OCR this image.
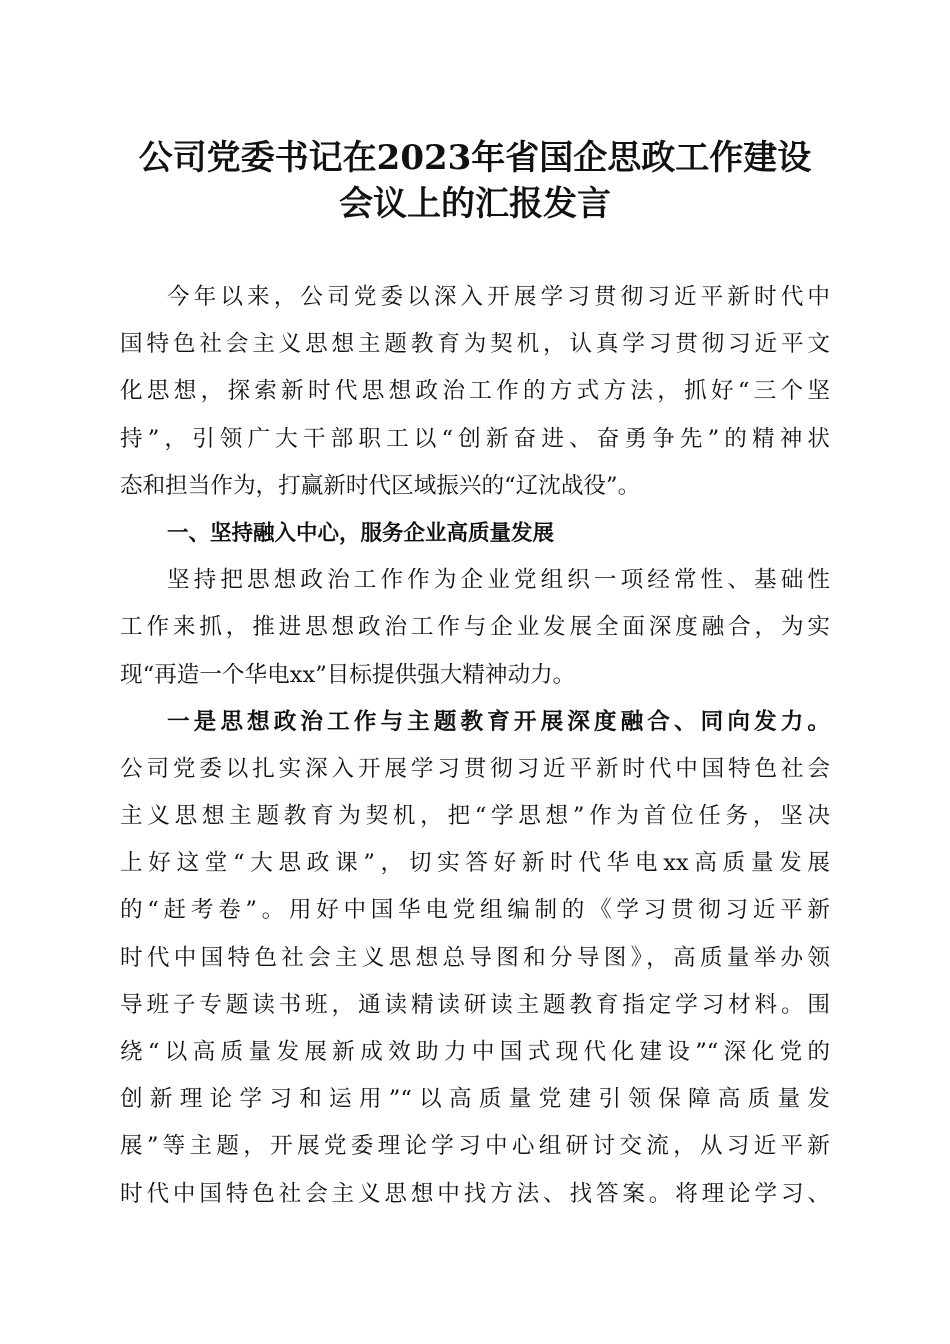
公司党委书记在2023年省国企思政工作建设
会议上的汇报发言
今年以来，公司党委以深入开展学习贯彻习近平新时代中
国特色社会主义思想主题教育为契机，认真学习贯彻习近平文
化思想，探索新时代思想政治工作的方式方法，抓好“三个坚
持”，引领广大干部职工以“创新奋进、奋勇争先”的精神状
态和担当作为，打赢新时代区域振兴的“辽沈战役”。
一、坚持融入中心，服务企业高质量发展
坚持把思想政治工作作为企业党组织一项经常性、基础性
工作来抓，推进思想政治工作与企业发展全面深度融合，为实
现“再造一个华电xx”目标提供强大精神动力。
一是思想政治工作与主题教育开展深度融合、同向发力。
公司党委以扎实深入开展学习贯彻习近平新时代中国特色社会
主义思想主题教育为契机，把“学思想”作为首位任务，坚决
上好这堂“大思政课”，切实答好新时代华电xx高质量发展
的“赶考卷”。用好中国华电党组编制的《学习贯彻习近平新
时代中国特色社会主义思想总导图和分导图》，高质量举办领
导班子专题读书班，通读精读研读主题教育指定学习材料。围
绕“以高质量发展新成效助力中国式现代化建设”“深化党的
创新理论学习和运用”“以高质量党建引领保障高质量发
展”等主题，开展党委理论学习中心组研讨交流，从习近平新
时代中国特色社会主义思想中找方法、找答案。将理论学习、
